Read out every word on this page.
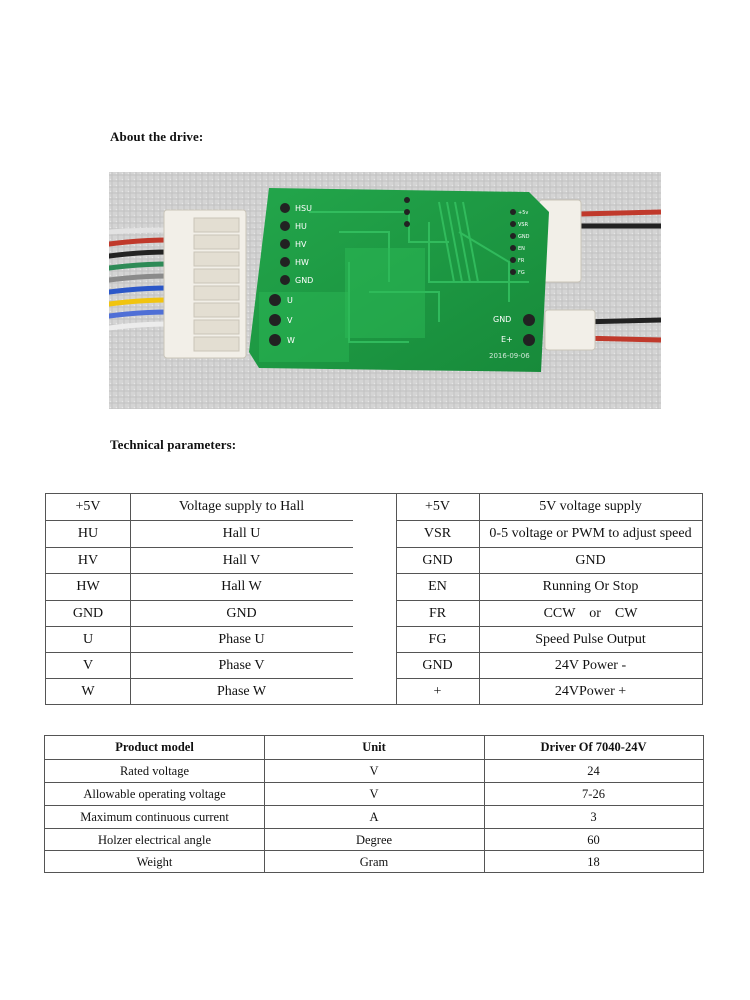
About the drive:
HSU
HU
HV
HW
GND
U
V
W
GND
E+
2016-09-06
+5v
VSR
GND
EN
FR
FG
Technical parameters:
+5V	Voltage supply to Hall	+5V	5V voltage supply
HU	Hall U	VSR	0-5 voltage or PWM to adjust speed
HV	Hall V	GND	GND
HW	Hall W	EN	Running Or Stop
GND	GND	FR	CCW    or    CW
U	Phase U	FG	Speed Pulse Output
V	Phase V	GND	24V Power -
W	Phase W	+	24VPower +
Product model	Unit	Driver Of 7040-24V
Rated voltage	V	24
Allowable operating voltage	V	7-26
Maximum continuous current	A	3
Holzer electrical angle	Degree	60
Weight	Gram	18
